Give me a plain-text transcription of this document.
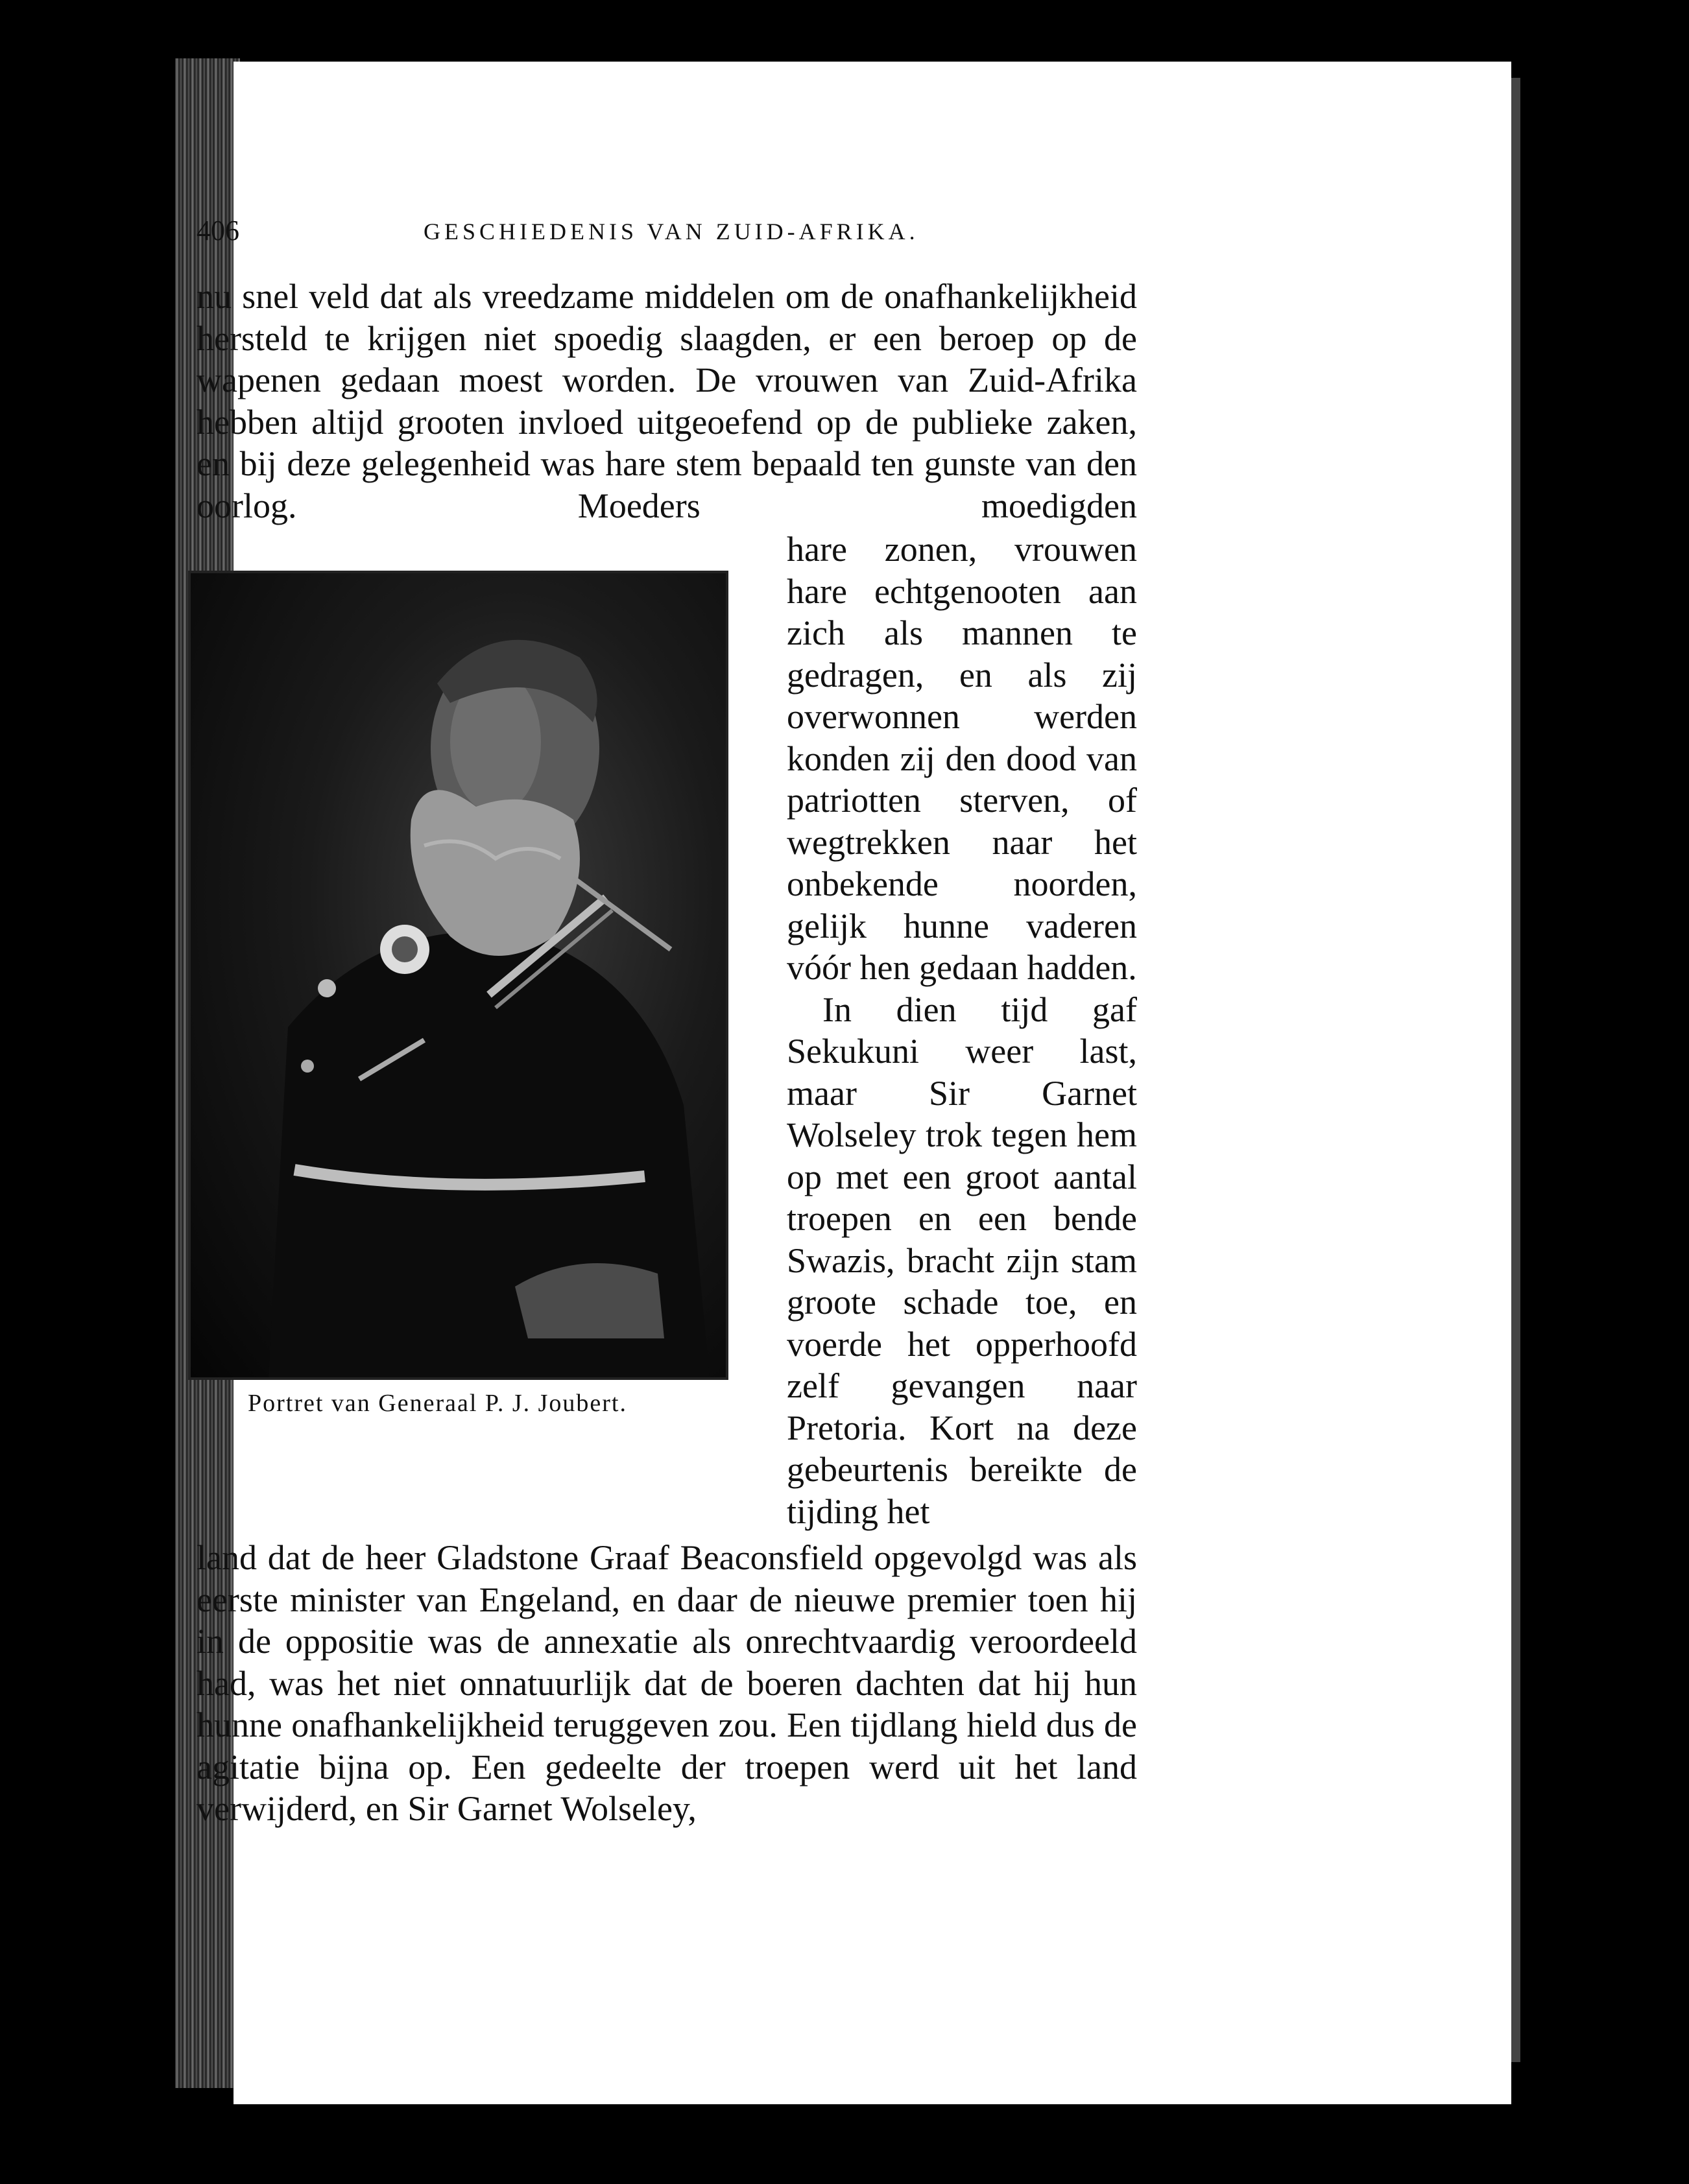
406	GESCHIEDENIS VAN ZUID-AFRIKA.

nu snel veld dat als vreedzame middelen om de onafhankelijkheid hersteld te krijgen niet spoedig slaagden, er een beroep op de wapenen gedaan moest worden. De vrouwen van Zuid-Afrika hebben altijd grooten invloed uitgeoefend op de publieke zaken, en bij deze gelegenheid was hare stem bepaald ten gunste van den oorlog. Moeders moedigden

hare zonen, vrouwen hare echtgenooten aan zich als mannen te gedragen, en als zij overwonnen werden konden zij den dood van patriotten sterven, of wegtrekken naar het onbekende noorden, gelijk hunne vaderen vóór hen gedaan hadden.

In dien tijd gaf Sekukuni weer last, maar Sir Garnet Wolseley trok tegen hem op met een groot aantal troepen en een bende Swazis, bracht zijn stam groote schade toe, en voerde het opperhoofd zelf gevangen naar Pretoria. Kort na deze gebeurtenis bereikte de tijding het

Portret van Generaal P. J. Joubert.

land dat de heer Gladstone Graaf Beaconsfield opgevolgd was als eerste minister van Engeland, en daar de nieuwe premier toen hij in de oppositie was de annexatie als onrechtvaardig veroordeeld had, was het niet onnatuurlijk dat de boeren dachten dat hij hun hunne onafhankelijkheid teruggeven zou. Een tijdlang hield dus de agitatie bijna op. Een gedeelte der troepen werd uit het land verwijderd, en Sir Garnet Wolseley,
